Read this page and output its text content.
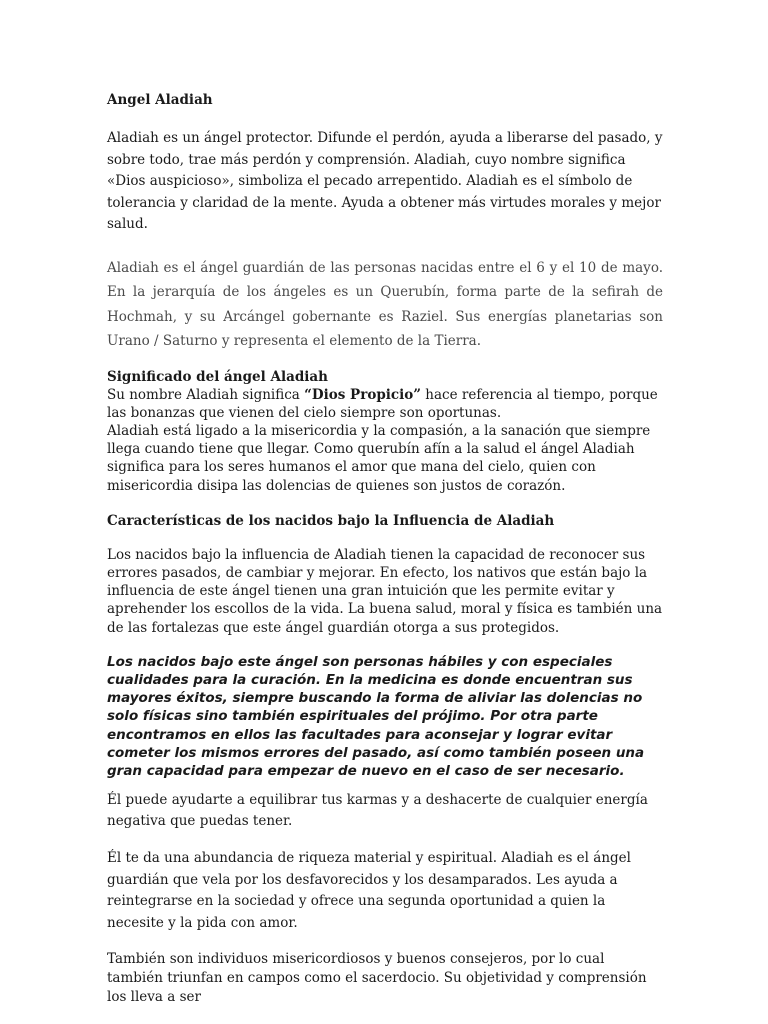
Angel Aladiah

Aladiah es un ángel protector. Difunde el perdón, ayuda a liberarse del pasado, y sobre todo, trae más perdón y comprensión. Aladiah, cuyo nombre significa «Dios auspicioso», simboliza el pecado arrepentido. Aladiah es el símbolo de tolerancia y claridad de la mente. Ayuda a obtener más virtudes morales y mejor salud.

Aladiah es el ángel guardián de las personas nacidas entre el 6 y el 10 de mayo. En la jerarquía de los ángeles es un Querubín, forma parte de la sefirah de Hochmah, y su Arcángel gobernante es Raziel. Sus energías planetarias son Urano / Saturno y representa el elemento de la Tierra.

Significado del ángel Aladiah

Su nombre Aladiah significa “Dios Propicio” hace referencia al tiempo, porque las bonanzas que vienen del cielo siempre son oportunas.

Aladiah está ligado a la misericordia y la compasión, a la sanación que siempre llega cuando tiene que llegar. Como querubín afín a la salud el ángel Aladiah significa para los seres humanos el amor que mana del cielo, quien con misericordia disipa las dolencias de quienes son justos de corazón.

Características de los nacidos bajo la Influencia de Aladiah

Los nacidos bajo la influencia de Aladiah tienen la capacidad de reconocer sus errores pasados, de cambiar y mejorar. En efecto, los nativos que están bajo la influencia de este ángel tienen una gran intuición que les permite evitar y aprehender los escollos de la vida. La buena salud, moral y física es también una de las fortalezas que este ángel guardián otorga a sus protegidos.

Los nacidos bajo este ángel son personas hábiles y con especiales cualidades para la curación. En la medicina es donde encuentran sus mayores éxitos, siempre buscando la forma de aliviar las dolencias no solo físicas sino también espirituales del prójimo. Por otra parte encontramos en ellos las facultades para aconsejar y lograr evitar cometer los mismos errores del pasado, así como también poseen una gran capacidad para empezar de nuevo en el caso de ser necesario.

Él puede ayudarte a equilibrar tus karmas y a deshacerte de cualquier energía negativa que puedas tener.

Él te da una abundancia de riqueza material y espiritual. Aladiah es el ángel guardián que vela por los desfavorecidos y los desamparados. Les ayuda a reintegrarse en la sociedad y ofrece una segunda oportunidad a quien la necesite y la pida con amor.

También son individuos misericordiosos y buenos consejeros, por lo cual también triunfan en campos como el sacerdocio. Su objetividad y comprensión los lleva a ser
